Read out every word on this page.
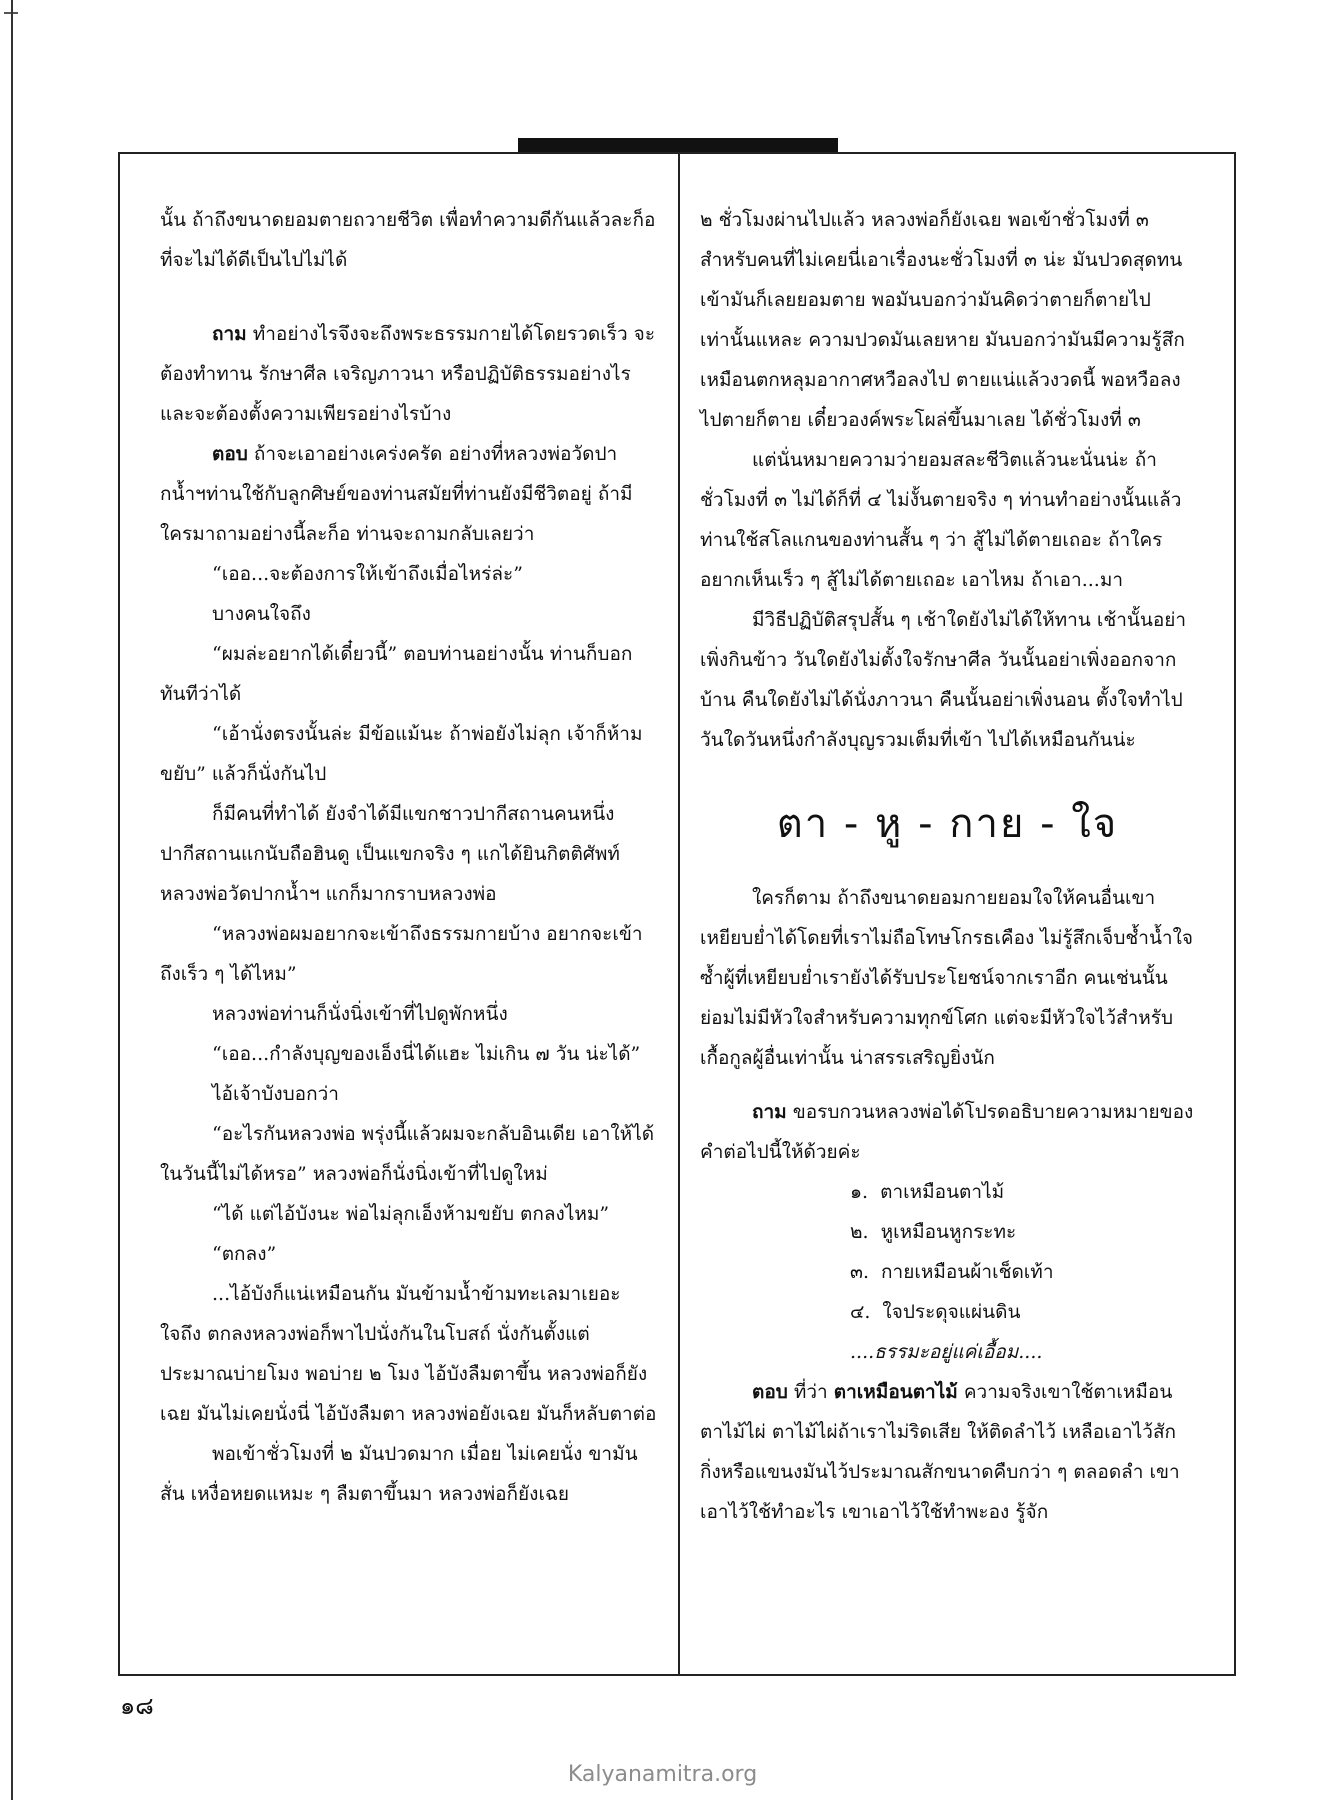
นั้น ถ้าถึงขนาดยอมตายถวายชีวิต เพื่อทำความดีกันแล้วละก็อ ที่จะไม่ได้ดีเป็นไปไม่ได้

ถาม ทำอย่างไรจึงจะถึงพระธรรมกายได้โดยรวดเร็ว จะต้องทำทาน รักษาศีล เจริญภาวนา หรือปฏิบัติธรรมอย่างไร และจะต้องตั้งความเพียรอย่างไรบ้าง

ตอบ ถ้าจะเอาอย่างเคร่งครัด อย่างที่หลวงพ่อวัดปากน้ำฯท่านใช้กับลูกศิษย์ของท่านสมัยที่ท่านยังมีชีวิตอยู่ ถ้ามีใครมาถามอย่างนี้ละก็อ ท่านจะถามกลับเลยว่า

“เออ...จะต้องการให้เข้าถึงเมื่อไหร่ล่ะ”

บางคนใจถึง

“ผมล่ะอยากได้เดี๋ยวนี้” ตอบท่านอย่างนั้น ท่านก็บอกทันทีว่าได้

“เอ้านั่งตรงนั้นล่ะ มีข้อแม้นะ ถ้าพ่อยังไม่ลุก เจ้าก็ห้ามขยับ” แล้วก็นั่งกันไป

ก็มีคนที่ทำได้ ยังจำได้มีแขกชาวปากีสถานคนหนึ่ง ปากีสถานแกนับถือฮินดู เป็นแขกจริง ๆ แกได้ยินกิตติศัพท์หลวงพ่อวัดปากน้ำฯ แกก็มากราบหลวงพ่อ

“หลวงพ่อผมอยากจะเข้าถึงธรรมกายบ้าง อยากจะเข้าถึงเร็ว ๆ ได้ไหม”

หลวงพ่อท่านก็นั่งนิ่งเข้าที่ไปดูพักหนึ่ง

“เออ...กำลังบุญของเอ็งนี่ได้แฮะ ไม่เกิน ๗ วัน น่ะได้”

ไอ้เจ้าบังบอกว่า

“อะไรกันหลวงพ่อ พรุ่งนี้แล้วผมจะกลับอินเดีย เอาให้ได้ในวันนี้ไม่ได้หรอ” หลวงพ่อก็นั่งนิ่งเข้าที่ไปดูใหม่

“ได้ แต่ไอ้บังนะ พ่อไม่ลุกเอ็งห้ามขยับ ตกลงไหม”

“ตกลง”

...ไอ้บังก็แน่เหมือนกัน มันข้ามน้ำข้ามทะเลมาเยอะ ใจถึง ตกลงหลวงพ่อก็พาไปนั่งกันในโบสถ์ นั่งกันตั้งแต่ประมาณบ่ายโมง พอบ่าย ๒ โมง ไอ้บังลืมตาขึ้น หลวงพ่อก็ยังเฉย มันไม่เคยนั่งนี่ ไอ้บังลืมตา หลวงพ่อยังเฉย มันก็หลับตาต่อ

พอเข้าชั่วโมงที่ ๒ มันปวดมาก เมื่อย ไม่เคยนั่ง ขามันสั่น เหงื่อหยดแหมะ ๆ ลืมตาขึ้นมา หลวงพ่อก็ยังเฉย

๒ ชั่วโมงผ่านไปแล้ว หลวงพ่อก็ยังเฉย พอเข้าชั่วโมงที่ ๓ สำหรับคนที่ไม่เคยนี่เอาเรื่องนะชั่วโมงที่ ๓ น่ะ มันปวดสุดทนเข้ามันก็เลยยอมตาย พอมันบอกว่ามันคิดว่าตายก็ตายไปเท่านั้นแหละ ความปวดมันเลยหาย มันบอกว่ามันมีความรู้สึกเหมือนตกหลุมอากาศหวือลงไป ตายแน่แล้วงวดนี้ พอหวือลงไปตายก็ตาย เดี๋ยวองค์พระโผล่ขึ้นมาเลย ได้ชั่วโมงที่ ๓

แต่นั่นหมายความว่ายอมสละชีวิตแล้วนะนั่นน่ะ ถ้าชั่วโมงที่ ๓ ไม่ได้ก็ที่ ๔ ไม่งั้นตายจริง ๆ ท่านทำอย่างนั้นแล้วท่านใช้สโลแกนของท่านสั้น ๆ ว่า สู้ไม่ได้ตายเถอะ ถ้าใครอยากเห็นเร็ว ๆ สู้ไม่ได้ตายเถอะ เอาไหม ถ้าเอา...มา

มีวิธีปฏิบัติสรุปสั้น ๆ เช้าใดยังไม่ได้ให้ทาน เช้านั้นอย่าเพิ่งกินข้าว วันใดยังไม่ตั้งใจรักษาศีล วันนั้นอย่าเพิ่งออกจากบ้าน คืนใดยังไม่ได้นั่งภาวนา คืนนั้นอย่าเพิ่งนอน ตั้งใจทำไป วันใดวันหนึ่งกำลังบุญรวมเต็มที่เข้า ไปได้เหมือนกันน่ะ

ตา - หู - กาย - ใจ

ใครก็ตาม ถ้าถึงขนาดยอมกายยอมใจให้คนอื่นเขาเหยียบย่ำได้โดยที่เราไม่ถือโทษโกรธเคือง ไม่รู้สึกเจ็บช้ำน้ำใจ ซ้ำผู้ที่เหยียบย่ำเรายังได้รับประโยชน์จากเราอีก คนเช่นนั้นย่อมไม่มีหัวใจสำหรับความทุกข์โศก แต่จะมีหัวใจไว้สำหรับเกื้อกูลผู้อื่นเท่านั้น น่าสรรเสริญยิ่งนัก

ถาม ขอรบกวนหลวงพ่อได้โปรดอธิบายความหมายของคำต่อไปนี้ให้ด้วยค่ะ

๑. ตาเหมือนตาไม้
๒. หูเหมือนหูกระทะ
๓. กายเหมือนผ้าเช็ดเท้า
๔. ใจประดุจแผ่นดิน

....ธรรมะอยู่แค่เอื้อม....

ตอบ ที่ว่า ตาเหมือนตาไม้ ความจริงเขาใช้ตาเหมือนตาไม้ไผ่ ตาไม้ไผ่ถ้าเราไม่ริดเสีย ให้ติดลำไว้ เหลือเอาไว้สักกิ่งหรือแขนงมันไว้ประมาณสักขนาดคืบกว่า ๆ ตลอดลำ เขาเอาไว้ใช้ทำอะไร เขาเอาไว้ใช้ทำพะอง รู้จัก

๑๘
Kalyanamitra.org
